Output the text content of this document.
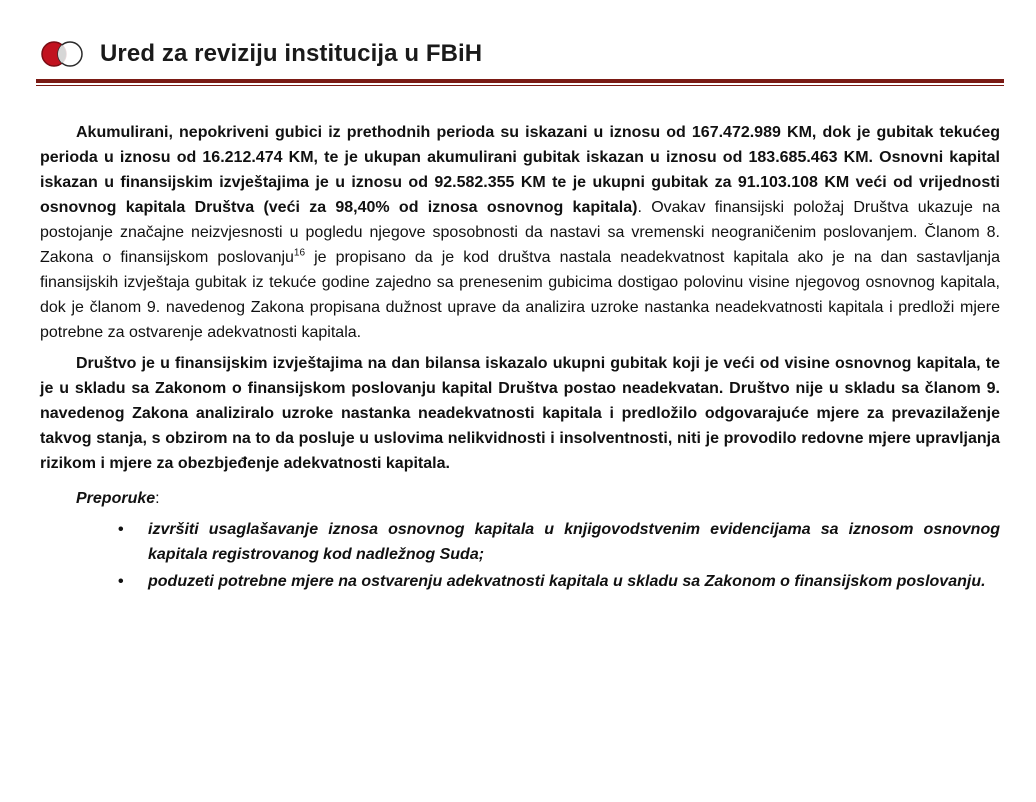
Ured za reviziju institucija u FBiH

Akumulirani, nepokriveni gubici iz prethodnih perioda su iskazani u iznosu od 167.472.989 KM, dok je gubitak tekućeg perioda u iznosu od 16.212.474 KM, te je ukupan akumulirani gubitak iskazan u iznosu od 183.685.463 KM. Osnovni kapital iskazan u finansijskim izvještajima je u iznosu od 92.582.355 KM te je ukupni gubitak za 91.103.108 KM veći od vrijednosti osnovnog kapitala Društva (veći za 98,40% od iznosa osnovnog kapitala). Ovakav finansijski položaj Društva ukazuje na postojanje značajne neizvjesnosti u pogledu njegove sposobnosti da nastavi sa vremenski neograničenim poslovanjem. Članom 8. Zakona o finansijskom poslovanju$^{16}$ je propisano da je kod društva nastala neadekvatnost kapitala ako je na dan sastavljanja finansijskih izvještaja gubitak iz tekuće godine zajedno sa prenesenim gubicima dostigao polovinu visine njegovog osnovnog kapitala, dok je članom 9. navedenog Zakona propisana dužnost uprave da analizira uzroke nastanka neadekvatnosti kapitala i predloži mjere potrebne za ostvarenje adekvatnosti kapitala.

Društvo je u finansijskim izvještajima na dan bilansa iskazalo ukupni gubitak koji je veći od visine osnovnog kapitala, te je u skladu sa Zakonom o finansijskom poslovanju kapital Društva postao neadekvatan. Društvo nije u skladu sa članom 9. navedenog Zakona analiziralo uzroke nastanka neadekvatnosti kapitala i predložilo odgovarajuće mjere za prevazilaženje takvog stanja, s obzirom na to da posluje u uslovima nelikvidnosti i insolventnosti, niti je provodilo redovne mjere upravljanja rizikom i mjere za obezbjeđenje adekvatnosti kapitala.

Preporuke:
• izvršiti usaglašavanje iznosa osnovnog kapitala u knjigovodstvenim evidencijama sa iznosom osnovnog kapitala registrovanog kod nadležnog Suda;
• poduzeti potrebne mjere na ostvarenju adekvatnosti kapitala u skladu sa Zakonom o finansijskom poslovanju.
